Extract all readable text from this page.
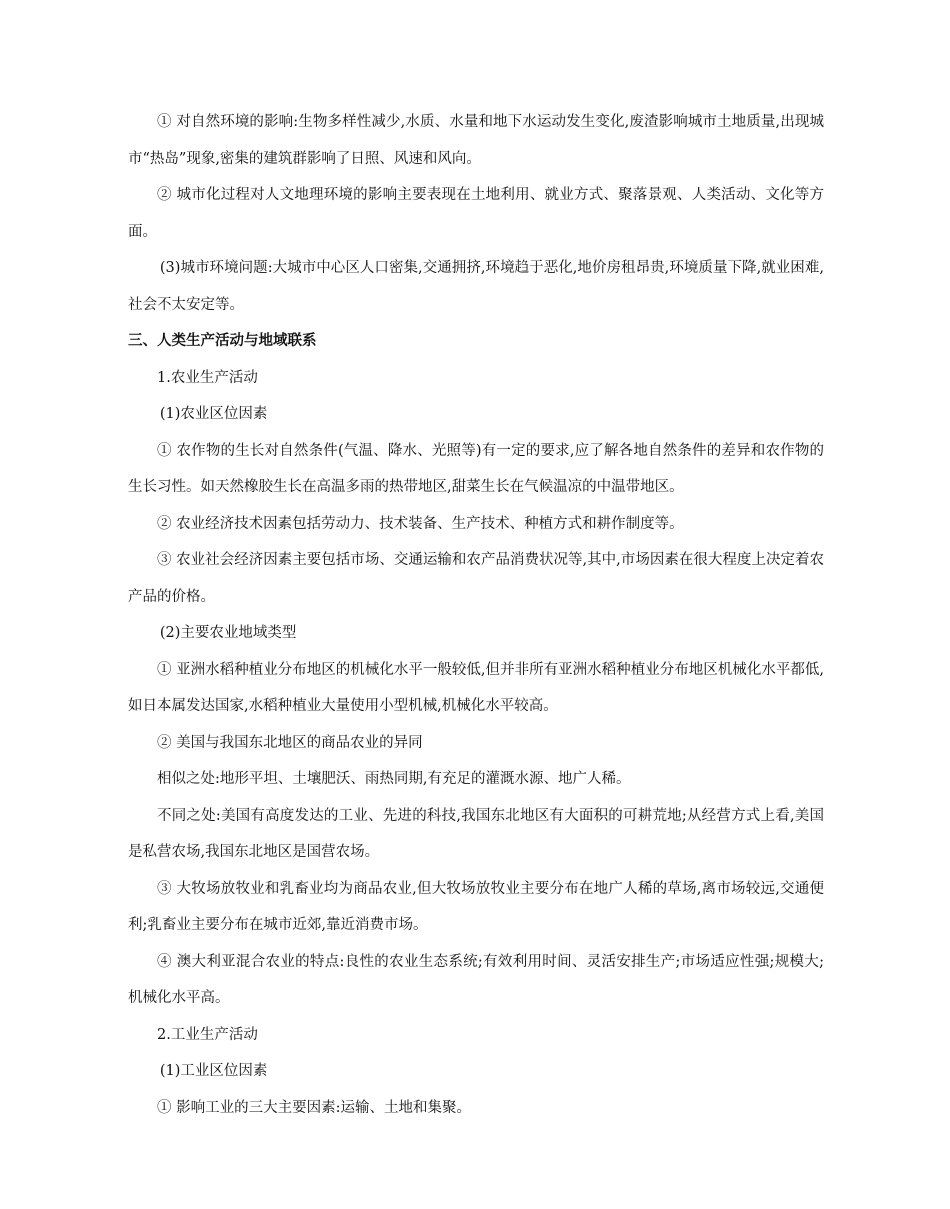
① 对自然环境的影响:生物多样性减少,水质、水量和地下水运动发生变化,废渣影响城市土地质量,出现城市“热岛”现象,密集的建筑群影响了日照、风速和风向。

② 城市化过程对人文地理环境的影响主要表现在土地利用、就业方式、聚落景观、人类活动、文化等方面。

(3)城市环境问题:大城市中心区人口密集,交通拥挤,环境趋于恶化,地价房租昂贵,环境质量下降,就业困难,社会不太安定等。

三、人类生产活动与地域联系

1.农业生产活动

(1)农业区位因素

① 农作物的生长对自然条件(气温、降水、光照等)有一定的要求,应了解各地自然条件的差异和农作物的生长习性。如天然橡胶生长在高温多雨的热带地区,甜菜生长在气候温凉的中温带地区。

② 农业经济技术因素包括劳动力、技术装备、生产技术、种植方式和耕作制度等。

③ 农业社会经济因素主要包括市场、交通运输和农产品消费状况等,其中,市场因素在很大程度上决定着农产品的价格。

(2)主要农业地域类型

① 亚洲水稻种植业分布地区的机械化水平一般较低,但并非所有亚洲水稻种植业分布地区机械化水平都低,如日本属发达国家,水稻种植业大量使用小型机械,机械化水平较高。

② 美国与我国东北地区的商品农业的异同

相似之处:地形平坦、土壤肥沃、雨热同期,有充足的灌溉水源、地广人稀。

不同之处:美国有高度发达的工业、先进的科技,我国东北地区有大面积的可耕荒地;从经营方式上看,美国是私营农场,我国东北地区是国营农场。

③ 大牧场放牧业和乳畜业均为商品农业,但大牧场放牧业主要分布在地广人稀的草场,离市场较远,交通便利;乳畜业主要分布在城市近郊,靠近消费市场。

④ 澳大利亚混合农业的特点:良性的农业生态系统;有效利用时间、灵活安排生产;市场适应性强;规模大;机械化水平高。

2.工业生产活动

(1)工业区位因素

① 影响工业的三大主要因素:运输、土地和集聚。
